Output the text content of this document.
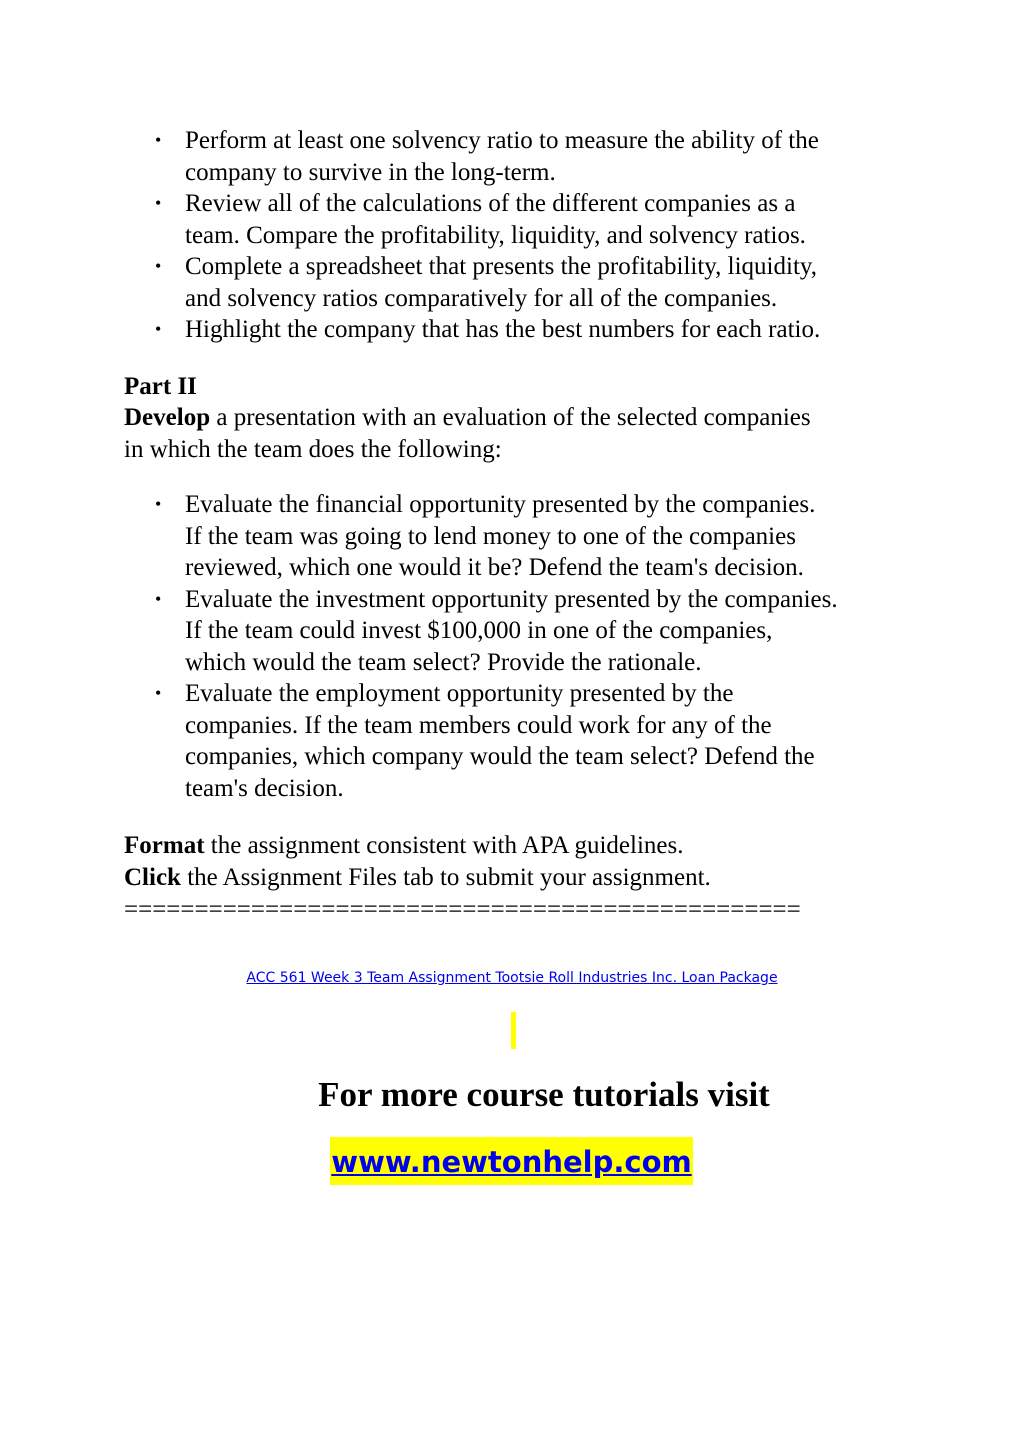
• Perform at least one solvency ratio to measure the ability of the
company to survive in the long-term.
• Review all of the calculations of the different companies as a
team. Compare the profitability, liquidity, and solvency ratios.
• Complete a spreadsheet that presents the profitability, liquidity,
and solvency ratios comparatively for all of the companies.
• Highlight the company that has the best numbers for each ratio.
Part II
Develop a presentation with an evaluation of the selected companies
in which the team does the following:
• Evaluate the financial opportunity presented by the companies.
If the team was going to lend money to one of the companies
reviewed, which one would it be? Defend the team's decision.
• Evaluate the investment opportunity presented by the companies.
If the team could invest $100,000 in one of the companies,
which would the team select? Provide the rationale.
• Evaluate the employment opportunity presented by the
companies. If the team members could work for any of the
companies, which company would the team select? Defend the
team's decision.
Format the assignment consistent with APA guidelines.
Click the Assignment Files tab to submit your assignment.
================================================
ACC 561 Week 3 Team Assignment Tootsie Roll Industries Inc. Loan Package
For more course tutorials visit
www.newtonhelp.com
